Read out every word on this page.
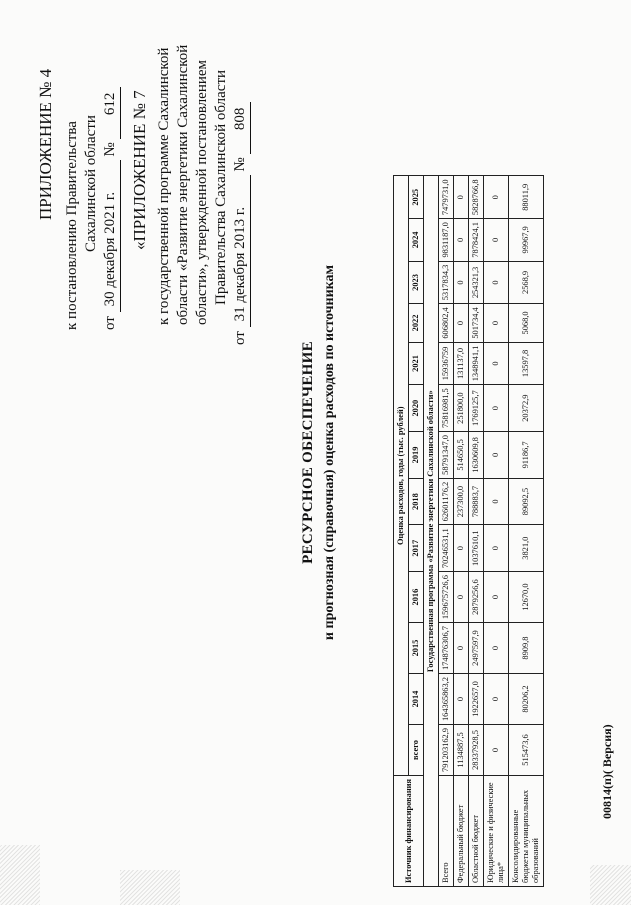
ПРИЛОЖЕНИЕ № 4 к постановлению Правительства Сахалинской области
от 30 декабря 2021 г. № 612 «ПРИЛОЖЕНИЕ № 7 к государственной программе Сахалинской области «Развитие энергетики Сахалинской области», утвержденной постановлением Правительства Сахалинской области
от 31 декабря 2013 г. № 808
РЕСУРСНОЕ ОБЕСПЕЧЕНИЕ и прогнозная (справочная) оценка расходов по источникам
Источник финансирования	Оценка расходов, годы (тыс. рублей)												
	всего	2014	2015	2016	2017	2018	2019	2020	2021	2022	2023	2024	2025
Государственная программа «Развитие энергетики Сахалинской области»													
Всего	791203162,9	164365863,2	174876306,7	159675726,6	70246531,1	62601176,2	58791347,0	75816981,5	15936759	606802,4	5317834,3	9831187,0	7479731,0
Федеральный бюджет	1134887,5	0	0	0	0	237300,0	514650,5	251800,0	131137,0	0	0	0	0
Областной бюджет	28337928,5	1922657,0	2497597,9	2879256,6	1037610,1	788883,7	1630609,8	1769125,7	1348941,1	501734,4	254321,3	7878424,1	5828766,8
Юридические и физические лица*	0	0	0	0	0	0	0	0	0	0	0	0	0
Консолидированные бюджеты муниципальных образований	515473,6	80206,2	8909,8	12670,0	3821,0	89092,5	91186,7	20372,9	13597,8	5068,0	2568,9	99967,9	88011,9
00814(п)( Версия)
